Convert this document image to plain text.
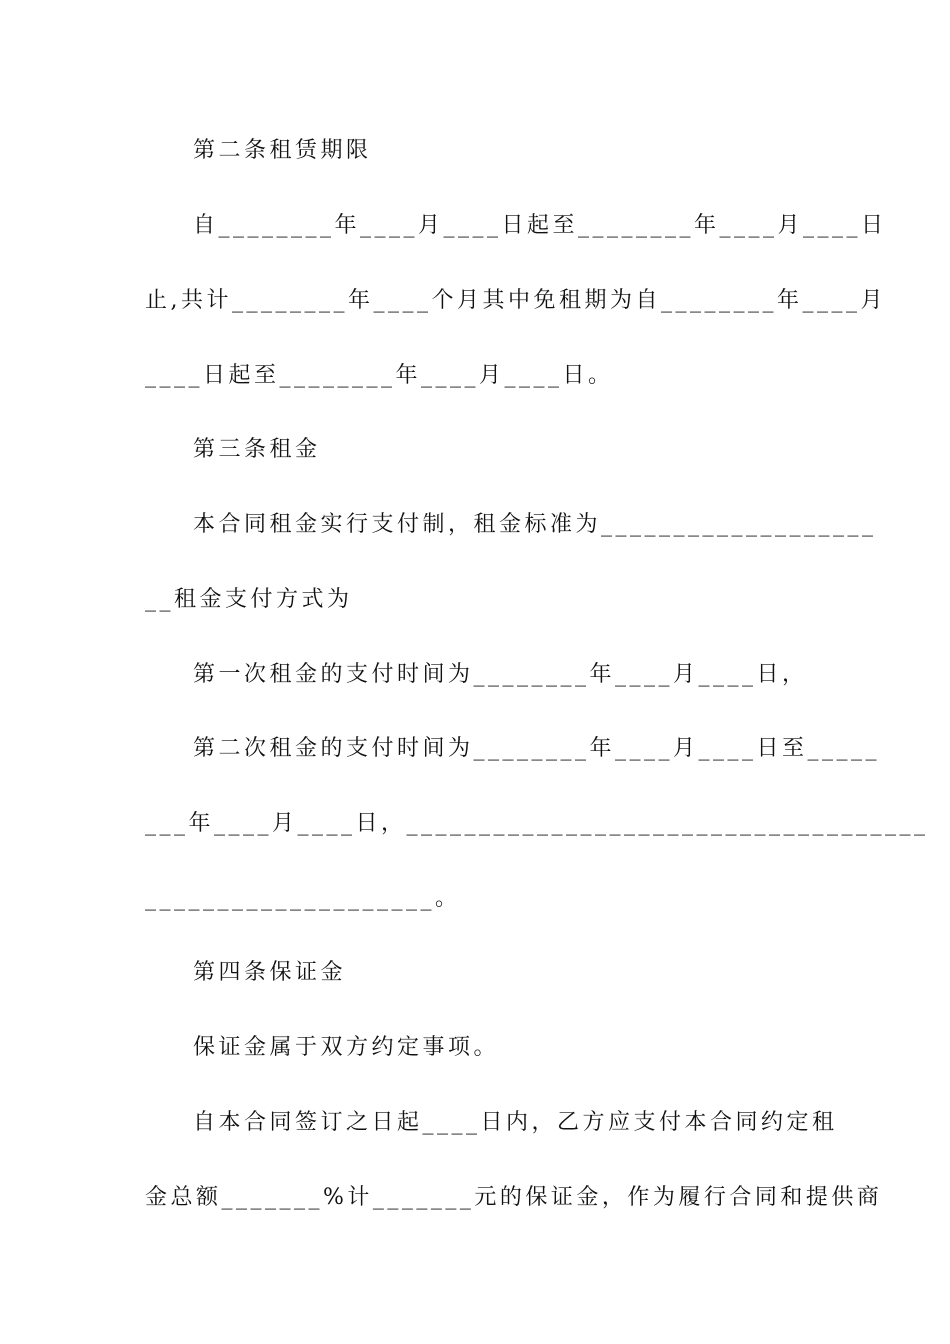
第二条租赁期限
自________年____月____日起至________年____月____日
止,共计________年____个月其中免租期为自________年____月
____日起至________年____月____日。
第三条租金
本合同租金实行支付制，租金标准为___________________
__租金支付方式为
第一次租金的支付时间为________年____月____日，
第二次租金的支付时间为________年____月____日至_____
___年____月____日，____________________________________
____________________。
第四条保证金
保证金属于双方约定事项。
自本合同签订之日起____日内，乙方应支付本合同约定租
金总额_______%计_______元的保证金，作为履行合同和提供商
